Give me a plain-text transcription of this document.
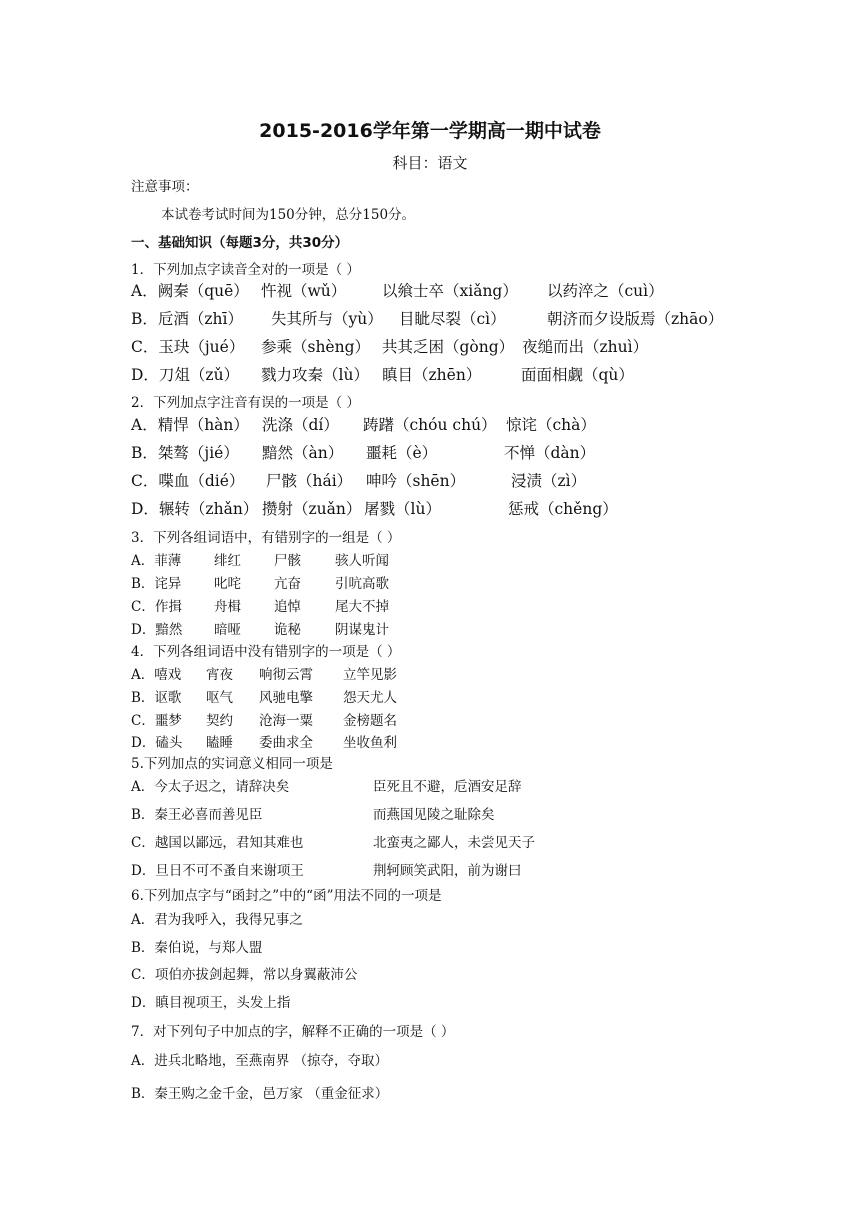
2015-2016学年第一学期高一期中试卷
科目：语文
注意事项：
本试卷考试时间为150分钟，总分150分。
一、基础知识（每题3分，共30分）
1．下列加点字读音全对的一项是（ ）
A．阙秦（quē） 忤视（wǔ） 以飨士卒（xiǎng） 以药淬之（cuì）
B．卮酒（zhī） 失其所与（yù） 目眦尽裂（cì）	朝济而夕设版焉（zhāo）
C．玉玦（jué） 参乘（shèng） 共其乏困（gòng） 夜缒而出（zhuì）
D．刀俎（zǔ） 戮力攻秦（lù） 瞋目（zhēn）	面面相觑（qù）
2．下列加点字注音有误的一项是（ ）
A．精悍（hàn） 洗涤（dí） 踌躇（chóu chú） 惊诧（chà）
B．桀骜（jié） 黯然（àn） 噩耗（è）	不惮（dàn）
C．喋血（dié） 尸骸（hái） 呻吟（shēn）	浸渍（zì）
D．辗转（zhǎn） 攒射（zuǎn） 屠戮（lù）	惩戒（chěng）
3．下列各组词语中，有错别字的一组是（ ）
A．菲薄 绯红 尸骸	骇人听闻
B．诧异 叱咤 亢奋	引吭高歌
C．作揖 舟楫 追悼	尾大不掉
D．黯然 暗哑 诡秘	阴谋鬼计
4．下列各组词语中没有错别字的一项是（ ）
A．嘻戏 宵夜 响彻云霄 立竿见影
B．讴歌 呕气 风驰电擎 怨天尤人
C．噩梦 契约 沧海一粟 金榜题名
D．磕头 瞌睡 委曲求全 坐收鱼利
5.下列加点的实词意义相同一项是
A．今太子迟之，请辞决矣	臣死且不避，卮酒安足辞
B．秦王必喜而善见臣	而燕国见陵之耻除矣
C．越国以鄙远，君知其难也	北蛮夷之鄙人，未尝见天子
D．旦日不可不蚤自来谢项王	荆轲顾笑武阳，前为谢曰
6.下列加点字与“函封之”中的“函”用法不同的一项是
A．君为我呼入，我得兄事之
B．秦伯说，与郑人盟
C．项伯亦拔剑起舞，常以身翼蔽沛公
D．瞋目视项王，头发上指
7．对下列句子中加点的字，解释不正确的一项是（ ）
A．进兵北略地，至燕南界 （掠夺，夺取）
B．秦王购之金千金，邑万家 （重金征求）
